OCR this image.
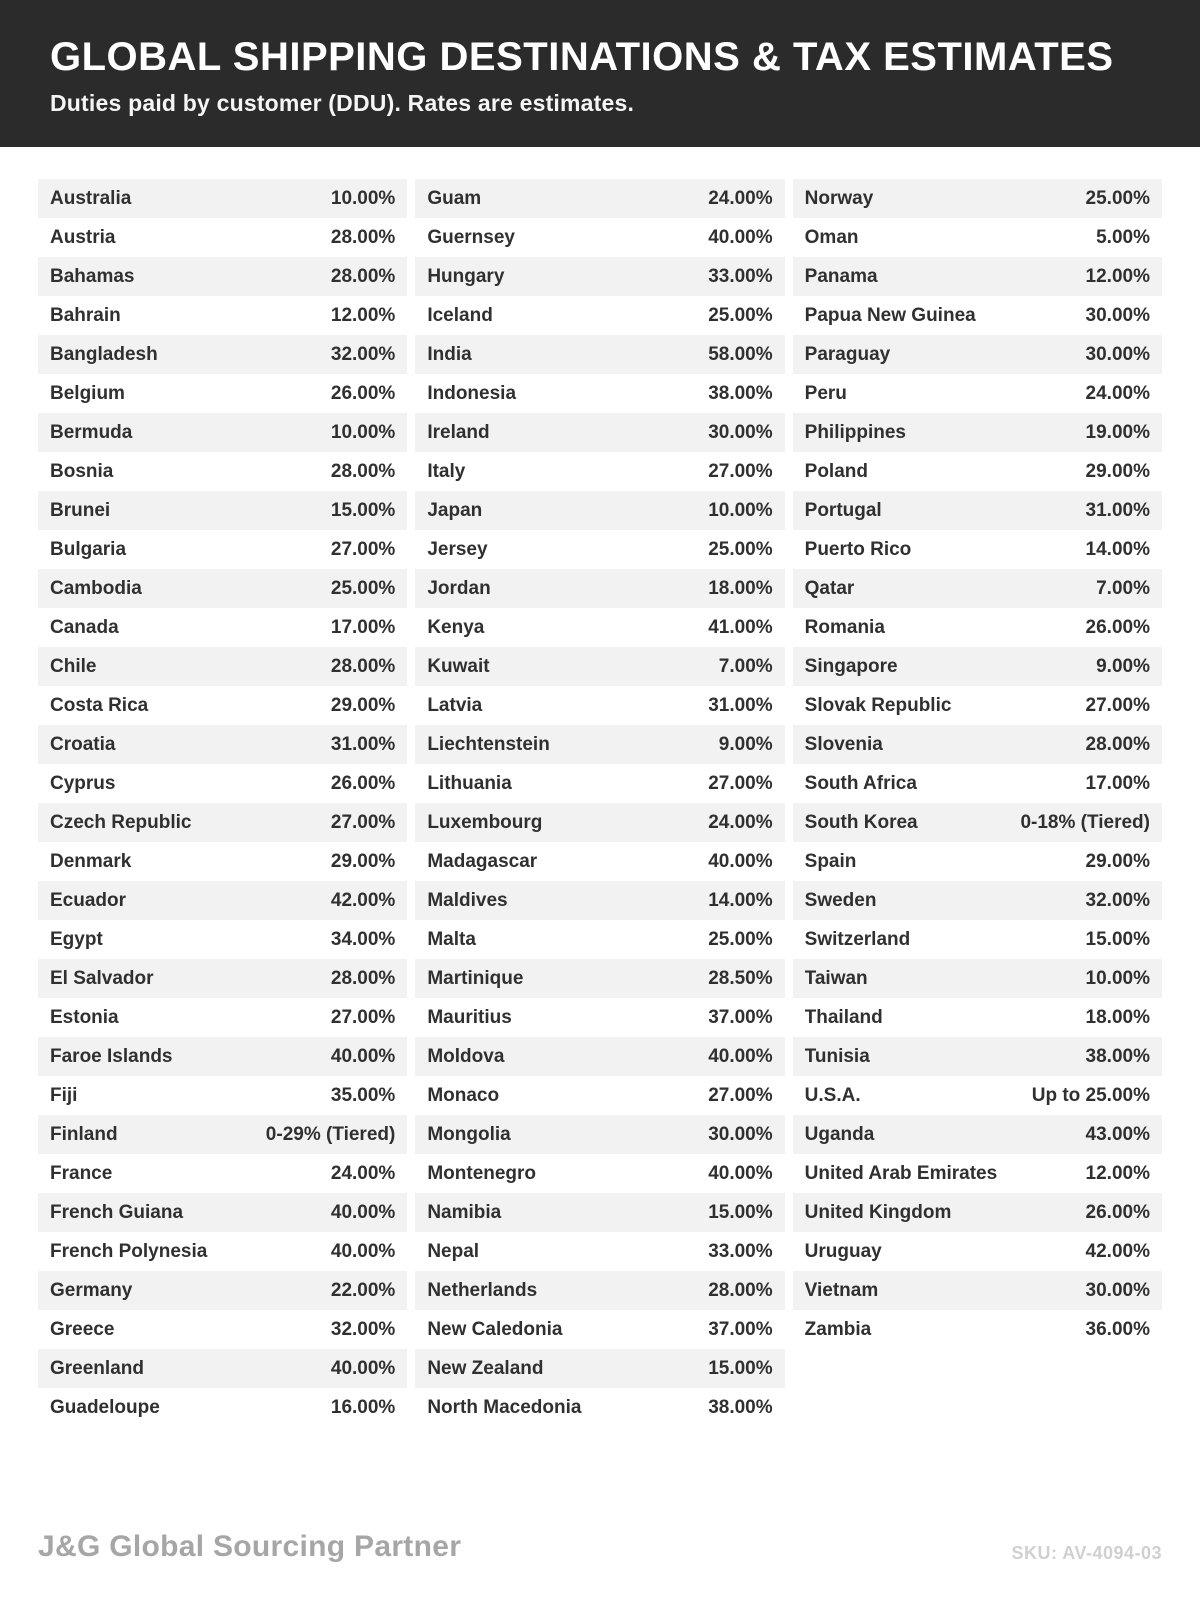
GLOBAL SHIPPING DESTINATIONS & TAX ESTIMATES
Duties paid by customer (DDU). Rates are estimates.
Australia	10.00%
Austria	28.00%
Bahamas	28.00%
Bahrain	12.00%
Bangladesh	32.00%
Belgium	26.00%
Bermuda	10.00%
Bosnia	28.00%
Brunei	15.00%
Bulgaria	27.00%
Cambodia	25.00%
Canada	17.00%
Chile	28.00%
Costa Rica	29.00%
Croatia	31.00%
Cyprus	26.00%
Czech Republic	27.00%
Denmark	29.00%
Ecuador	42.00%
Egypt	34.00%
El Salvador	28.00%
Estonia	27.00%
Faroe Islands	40.00%
Fiji	35.00%
Finland	0-29% (Tiered)
France	24.00%
French Guiana	40.00%
French Polynesia	40.00%
Germany	22.00%
Greece	32.00%
Greenland	40.00%
Guadeloupe	16.00%
Guam	24.00%
Guernsey	40.00%
Hungary	33.00%
Iceland	25.00%
India	58.00%
Indonesia	38.00%
Ireland	30.00%
Italy	27.00%
Japan	10.00%
Jersey	25.00%
Jordan	18.00%
Kenya	41.00%
Kuwait	7.00%
Latvia	31.00%
Liechtenstein	9.00%
Lithuania	27.00%
Luxembourg	24.00%
Madagascar	40.00%
Maldives	14.00%
Malta	25.00%
Martinique	28.50%
Mauritius	37.00%
Moldova	40.00%
Monaco	27.00%
Mongolia	30.00%
Montenegro	40.00%
Namibia	15.00%
Nepal	33.00%
Netherlands	28.00%
New Caledonia	37.00%
New Zealand	15.00%
North Macedonia	38.00%
Norway	25.00%
Oman	5.00%
Panama	12.00%
Papua New Guinea	30.00%
Paraguay	30.00%
Peru	24.00%
Philippines	19.00%
Poland	29.00%
Portugal	31.00%
Puerto Rico	14.00%
Qatar	7.00%
Romania	26.00%
Singapore	9.00%
Slovak Republic	27.00%
Slovenia	28.00%
South Africa	17.00%
South Korea	0-18% (Tiered)
Spain	29.00%
Sweden	32.00%
Switzerland	15.00%
Taiwan	10.00%
Thailand	18.00%
Tunisia	38.00%
U.S.A.	Up to 25.00%
Uganda	43.00%
United Arab Emirates	12.00%
United Kingdom	26.00%
Uruguay	42.00%
Vietnam	30.00%
Zambia	36.00%
J&G Global Sourcing Partner	SKU: AV-4094-03
